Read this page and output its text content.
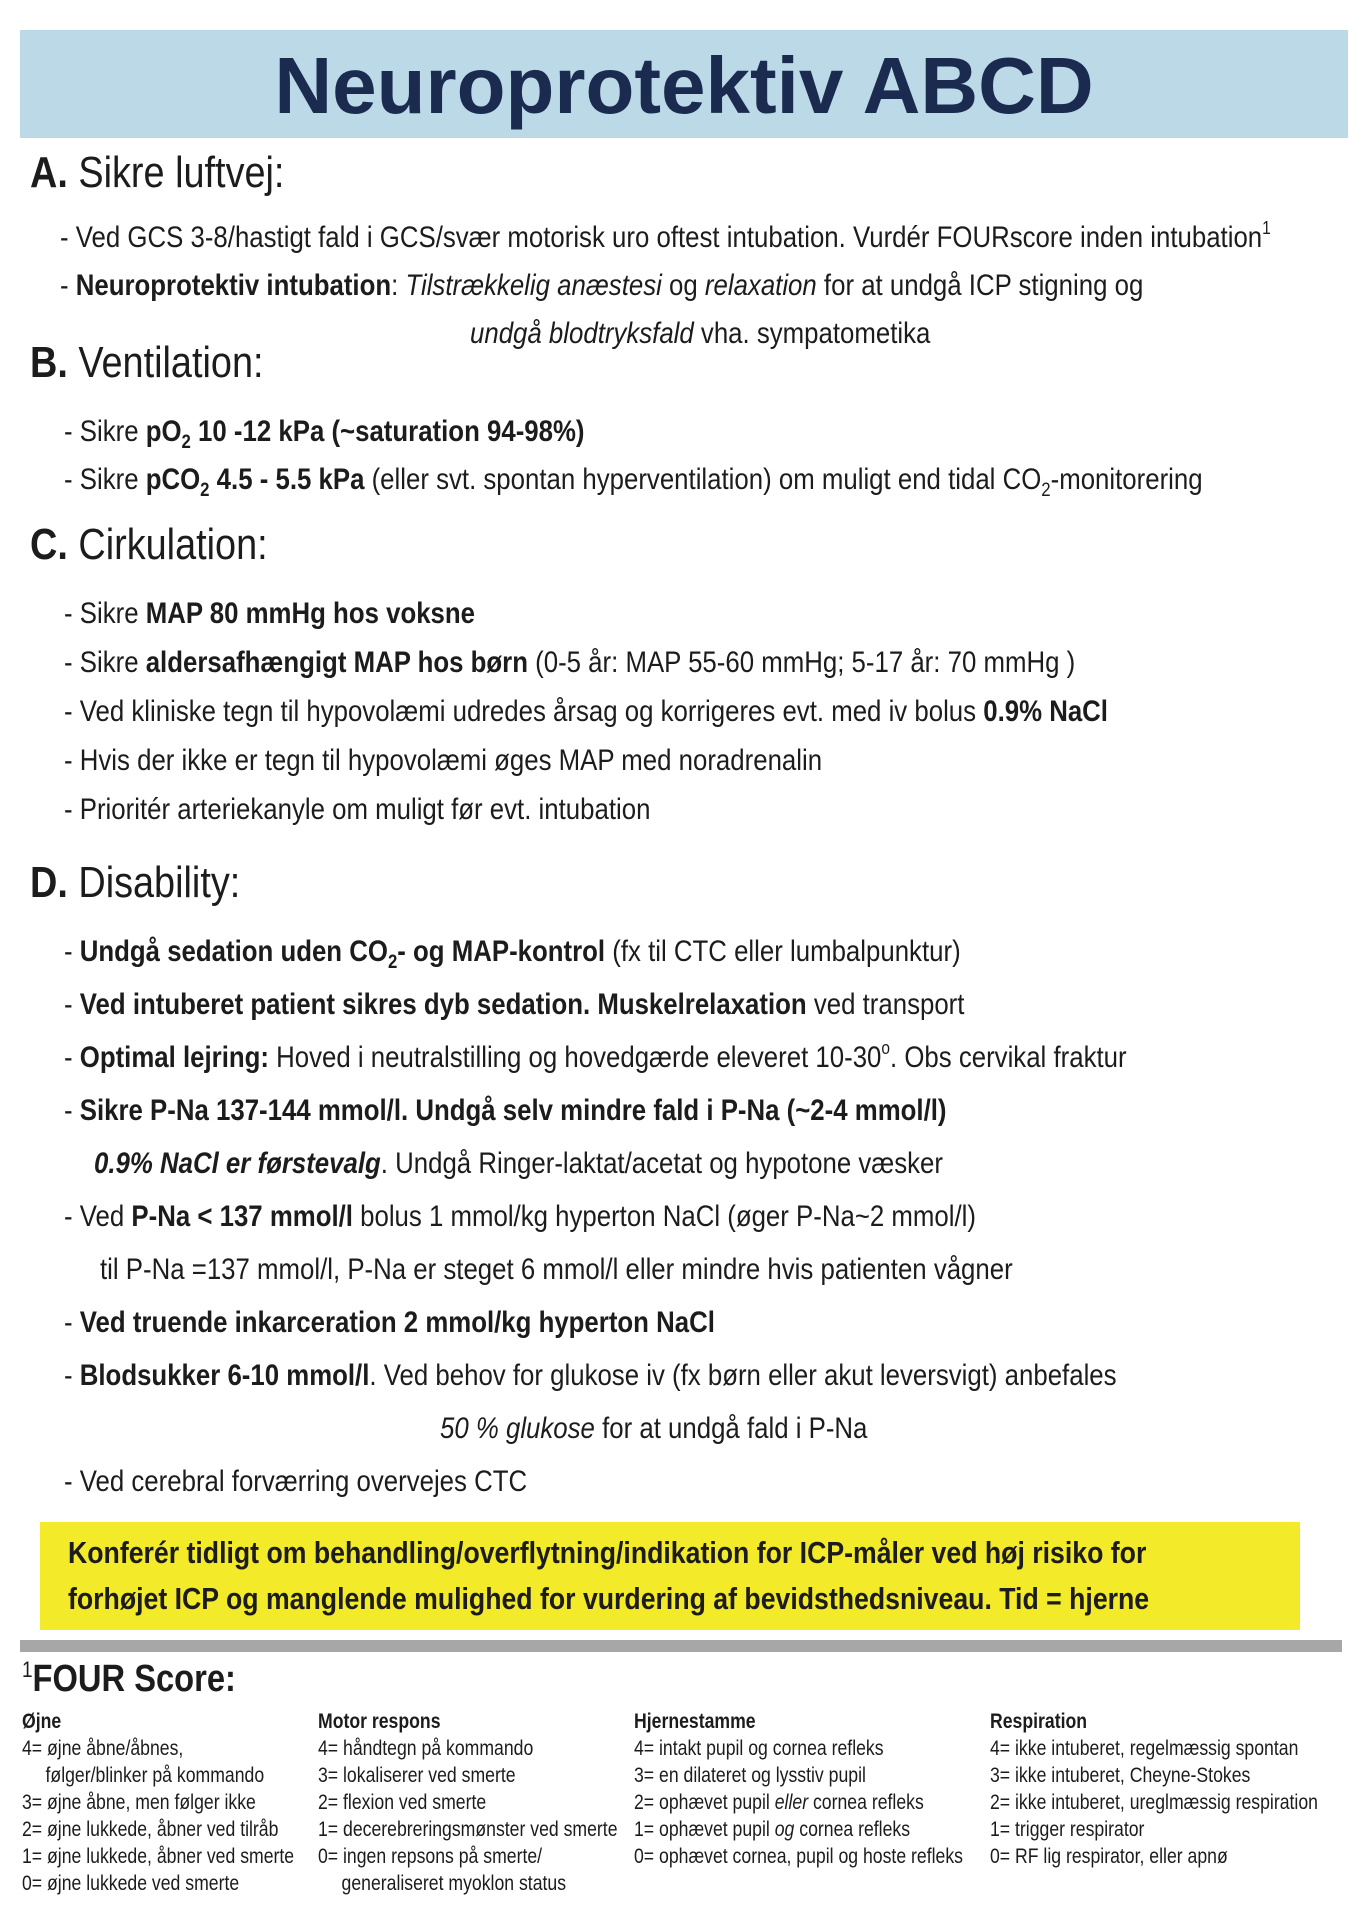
Neuroprotektiv ABCD
A. Sikre luftvej:
- Ved GCS 3-8/hastigt fald i GCS/svær motorisk uro oftest intubation. Vurdér FOURscore inden intubation$^1$
- Neuroprotektiv intubation: Tilstrækkelig anæstesi og relaxation for at undgå ICP stigning og
undgå blodtryksfald vha. sympatometika
B. Ventilation:
- Sikre $pO_2$ 10 -12 kPa (~saturation 94-98%)
- Sikre pCO$_2$ 4.5 - 5.5 kPa (eller svt. spontan hyperventilation) om muligt end tidal $CO_2$-monitorering
C. Cirkulation:
- Sikre MAP 80 mmHg hos voksne
- Sikre aldersafhængigt MAP hos børn (0-5 år: MAP 55-60 mmHg; 5-17 år: 70 mmHg )
- Ved kliniske tegn til hypovolæmi udredes årsag og korrigeres evt. med iv bolus 0.9% NaCl
- Hvis der ikke er tegn til hypovolæmi øges MAP med noradrenalin
- Prioritér arteriekanyle om muligt før evt. intubation
D. Disability:
- Undgå sedation uden $CO_2-$ og MAP-kontrol (fx til CTC eller lumbalpunktur)
- Ved intuberet patient sikres dyb sedation. Muskelrelaxation ved transport
- Optimal lejring: Hoved i neutralstilling og hovedgærde eleveret 10-30$^o$. Obs cervikal fraktur
- Sikre P-Na 137-144 mmol/l. Undgå selv mindre fald i P-Na (~2-4 mmol/l)
0.9% NaCl er førstevalg. Undgå Ringer-laktat/acetat og hypotone væsker
- Ved P-Na < 137 mmol/l bolus 1 mmol/kg hyperton NaCl (øger P-Na~2 mmol/l)
til P-Na =137 mmol/l, P-Na er steget 6 mmol/l eller mindre hvis patienten vågner
- Ved truende inkarceration 2 mmol/kg hyperton NaCl
- Blodsukker 6-10 mmol/l. Ved behov for glukose iv (fx børn eller akut leversvigt) anbefales
50 % glukose for at undgå fald i P-Na
- Ved cerebral forværring overvejes CTC
Konferér tidligt om behandling/overflytning/indikation for ICP-måler ved høj risiko for
forhøjet ICP og manglende mulighed for vurdering af bevidsthedsniveau. Tid = hjerne
1FOUR Score:
Øjne
4= øjne åbne/åbnes,
følger/blinker på kommando
3= øjne åbne, men følger ikke
2= øjne lukkede, åbner ved tilråb
1= øjne lukkede, åbner ved smerte
0= øjne lukkede ved smerte
Motor respons
4= håndtegn på kommando
3= lokaliserer ved smerte
2= flexion ved smerte
1= decerebreringsmønster ved smerte
0= ingen repsons på smerte/
generaliseret myoklon status
Hjernestamme
4= intakt pupil og cornea refleks
3= en dilateret og lysstiv pupil
2= ophævet pupil eller cornea refleks
1= ophævet pupil og cornea refleks
0= ophævet cornea, pupil og hoste refleks
Respiration
4= ikke intuberet, regelmæssig spontan
3= ikke intuberet, Cheyne-Stokes
2= ikke intuberet, ureglmæssig respiration
1= trigger respirator
0= RF lig respirator, eller apnø
